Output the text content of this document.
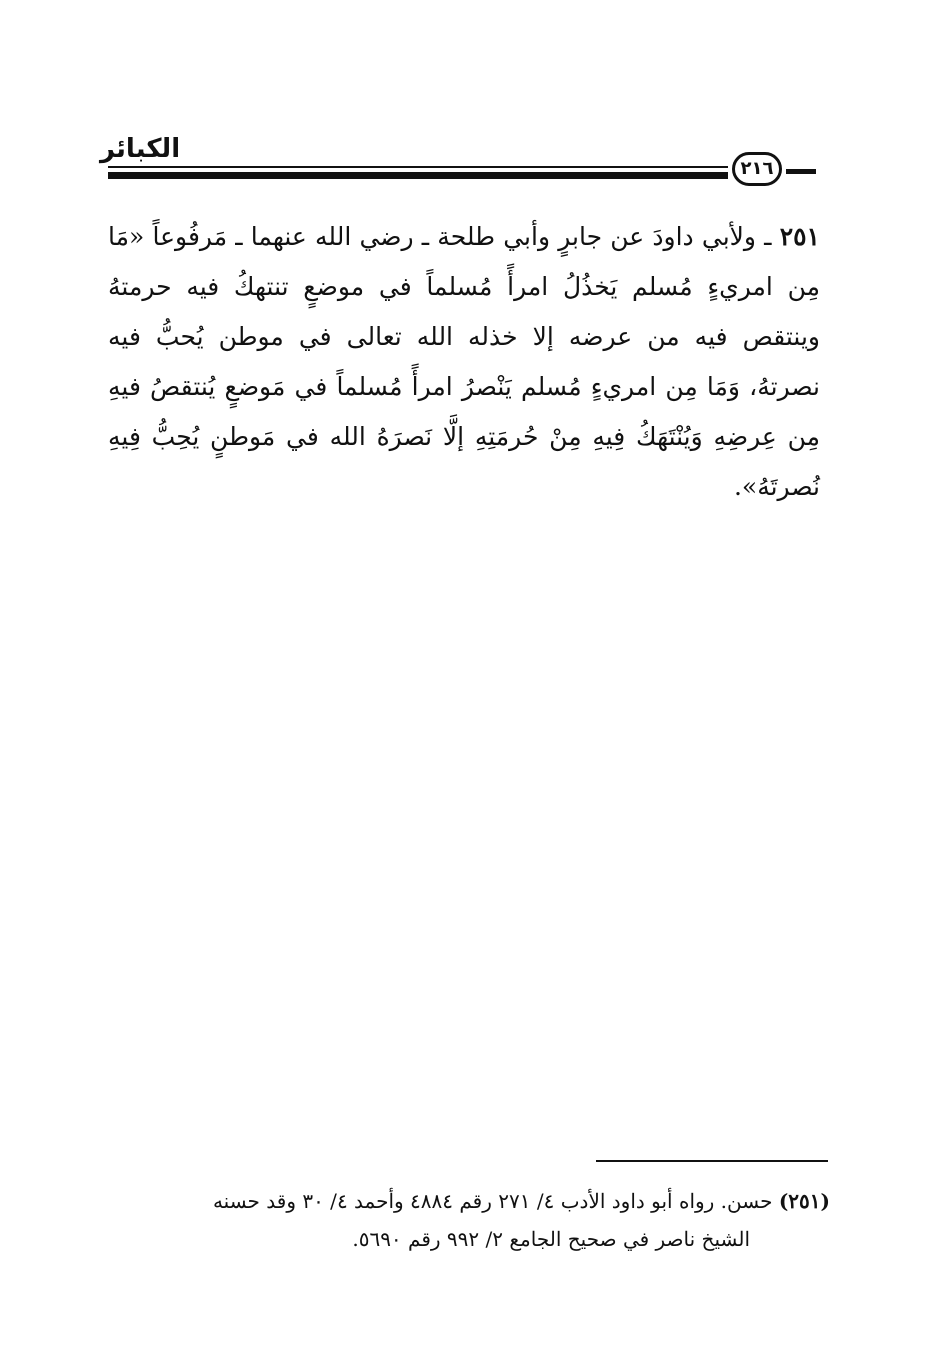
الكبائر
٢١٦
٢٥١ ـ ولأبي داودَ عن جابرٍ وأبي طلحة ـ رضي الله عنهما ـ مَرفُوعاً «مَا مِن امريءٍ مُسلم يَخذُلُ امرأً مُسلماً في موضعٍ تنتهكُ فيه حرمتهُ وينتقص فيه من عرضه إلا خذله الله تعالى في موطن يُحبُّ فيه نصرتهُ، وَمَا مِن امريءٍ مُسلم يَنْصرُ امرأً مُسلماً في مَوضعٍ يُنتقصُ فيهِ مِن عِرضِهِ وَيُنْتَهَكُ فِيهِ مِنْ حُرمَتِهِ إلَّا نَصرَهُ الله في مَوطنٍ يُحِبُّ فِيهِ نُصرتَهُ».
(٢٥١) حسن. رواه أبو داود الأدب ٤/ ٢٧١ رقم ٤٨٨٤ وأحمد ٤/ ٣٠ وقد حسنه
الشيخ ناصر في صحيح الجامع ٢/ ٩٩٢ رقم ٥٦٩٠.
